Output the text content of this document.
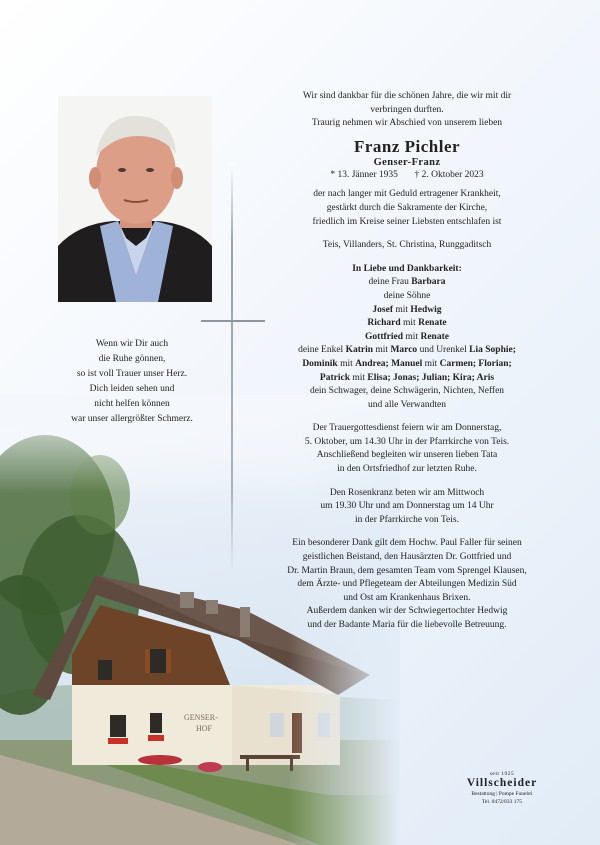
Wenn wir Dir auch
die Ruhe gönnen,
so ist voll Trauer unser Herz.
Dich leiden sehen und
nicht helfen können
war unser allergrößter Schmerz.

Wir sind dankbar für die schönen Jahre, die wir mit dir

verbringen durften.

Traurig nehmen wir Abschied von unserem lieben

Franz Pichler

Genser-Franz

* 13. Jänner 1935 † 2. Oktober 2023

der nach langer mit Geduld ertragener Krankheit,

gestärkt durch die Sakramente der Kirche,

friedlich im Kreise seiner Liebsten entschlafen ist

Teis, Villanders, St. Christina, Runggaditsch

In Liebe und Dankbarkeit:

deine Frau Barbara

deine Söhne

Josef mit Hedwig

Richard mit Renate

Gottfried mit Renate

deine Enkel Katrin mit Marco und Urenkel Lia Sophie;

Dominik mit Andrea; Manuel mit Carmen; Florian;

Patrick mit Elisa; Jonas; Julian; Kira; Aris

dein Schwager, deine Schwägerin, Nichten, Neffen

und alle Verwandten

Der Trauergottesdienst feiern wir am Donnerstag,

5. Oktober, um 14.30 Uhr in der Pfarrkirche von Teis.

Anschließend begleiten wir unseren lieben Tata

in den Ortsfriedhof zur letzten Ruhe.

Den Rosenkranz beten wir am Mittwoch

um 19.30 Uhr und am Donnerstag um 14 Uhr

in der Pfarrkirche von Teis.

Ein besonderer Dank gilt dem Hochw. Paul Faller für seinen

geistlichen Beistand, den Hausärzten Dr. Gottfried und

Dr. Martin Braun, dem gesamten Team vom Sprengel Klausen,

dem Ärzte- und Pflegeteam der Abteilungen Medizin Süd

und Ost am Krankenhaus Brixen.

Außerdem danken wir der Schwiegertochter Hedwig

und der Badante Maria für die liebevolle Betreuung.

seit 1925
Villscheider
Bestattung | Pompe Funebri
Tel. 0472/833 175
